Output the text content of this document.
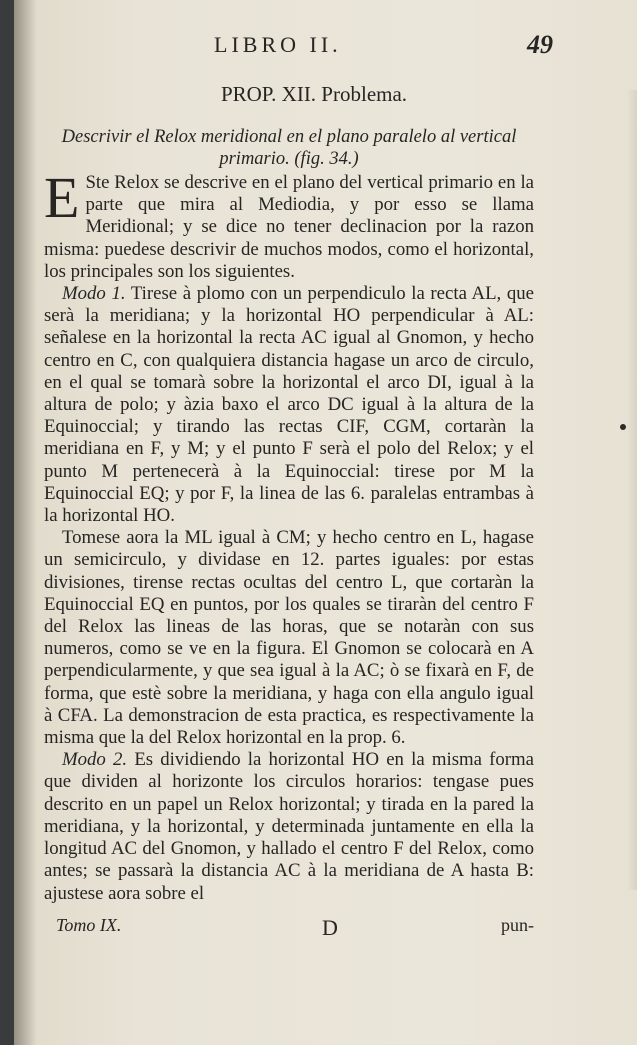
LIBRO II.	49
PROP. XII. Problema.
Descrivir el Relox meridional en el plano paralelo al vertical
primario. (fig. 34.)

E Ste Relox se descrive en el plano del vertical primario en la parte que mira al Mediodia, y por esso se llama Meridional; y se dice no tener declinacion por la razon misma: puedese descrivir de muchos modos, como el horizontal, los principales son los siguientes.

Modo 1. Tirese à plomo con un perpendiculo la recta AL, que serà la meridiana; y la horizontal HO perpendicular à AL: señalese en la horizontal la recta AC igual al Gnomon, y hecho centro en C, con qualquiera distancia hagase un arco de circulo, en el qual se tomarà sobre la horizontal el arco DI, igual à la altura de polo; y àzia baxo el arco DC igual à la altura de la Equinoccial; y tirando las rectas CIF, CGM, cortaràn la meridiana en F, y M; y el punto F serà el polo del Relox; y el punto M pertenecerà à la Equinoccial: tirese por M la Equinoccial EQ; y por F, la linea de las 6. paralelas entrambas à la horizontal HO.

Tomese aora la ML igual à CM; y hecho centro en L, hagase un semicirculo, y dividase en 12. partes iguales: por estas divisiones, tirense rectas ocultas del centro L, que cortaràn la Equinoccial EQ en puntos, por los quales se tiraràn del centro F del Relox las lineas de las horas, que se notaràn con sus numeros, como se ve en la figura. El Gnomon se colocarà en A perpendicularmente, y que sea igual à la AC; ò se fixarà en F, de forma, que estè sobre la meridiana, y haga con ella angulo igual à CFA. La demonstracion de esta practica, es respectivamente la misma que la del Relox horizontal en la prop. 6.

Modo 2. Es dividiendo la horizontal HO en la misma forma que dividen al horizonte los circulos horarios: tengase pues descrito en un papel un Relox horizontal; y tirada en la pared la meridiana, y la horizontal, y determinada juntamente en ella la longitud AC del Gnomon, y hallado el centro F del Relox, como antes; se passarà la distancia AC à la meridiana de A hasta B: ajustese aora sobre el

Tomo IX.	D	pun-
